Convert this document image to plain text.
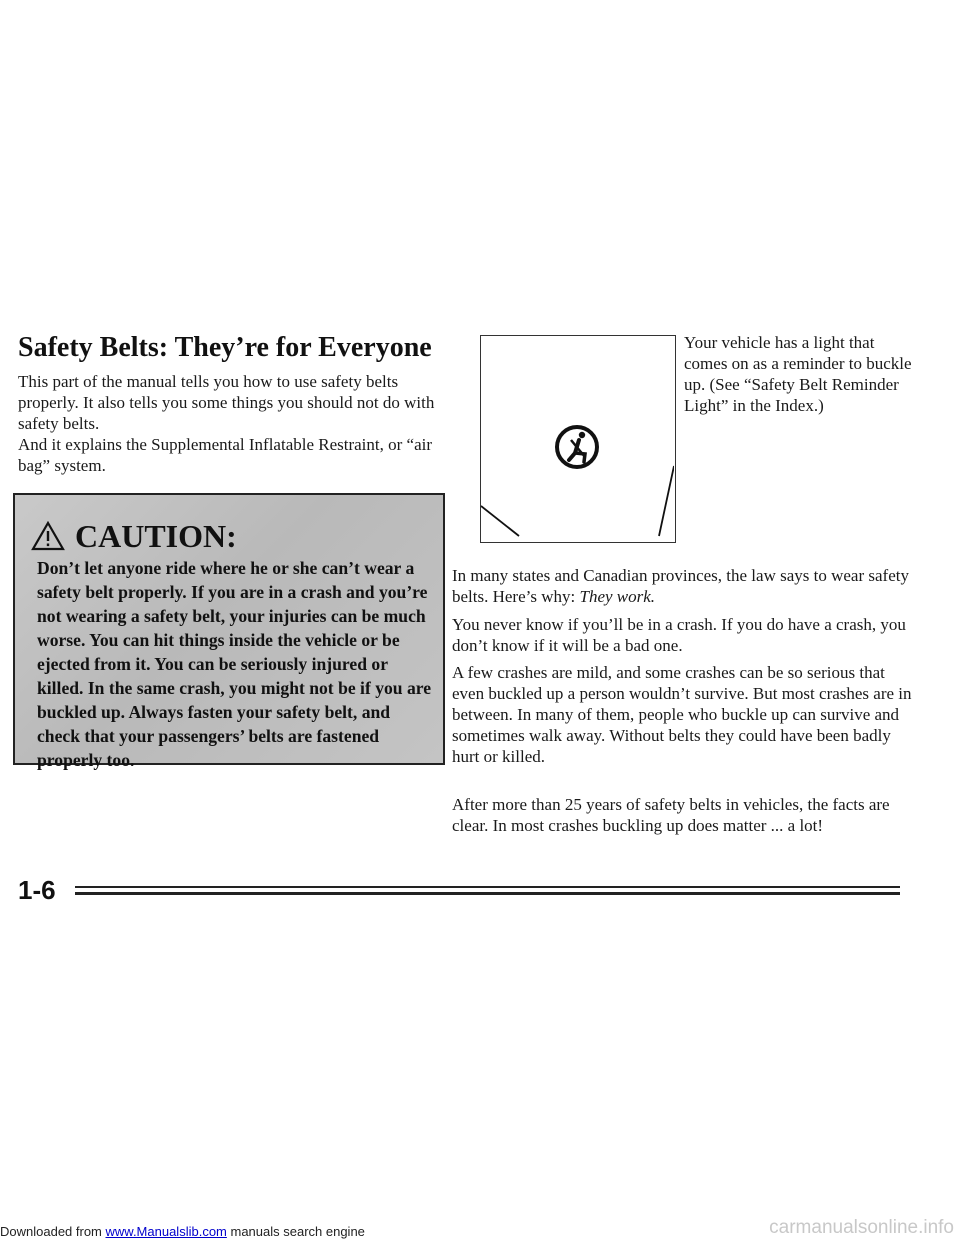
Safety Belts: They’re for Everyone
This part of the manual tells you how to use safety belts properly. It also tells you some things you should not do with safety belts.
And it explains the Supplemental Inflatable Restraint, or “air bag” system.
CAUTION:
Don’t let anyone ride where he or she can’t wear a safety belt properly. If you are in a crash and you’re not wearing a safety belt, your injuries can be much worse. You can hit things inside the vehicle or be ejected from it. You can be seriously injured or killed. In the same crash, you might not be if you are buckled up. Always fasten your safety belt, and check that your passengers’ belts are fastened properly too.
Your vehicle has a light that comes on as a reminder to buckle up. (See “Safety Belt Reminder Light” in the Index.)
In many states and Canadian provinces, the law says to wear safety belts. Here’s why: They work.
You never know if you’ll be in a crash. If you do have a crash, you don’t know if it will be a bad one.
A few crashes are mild, and some crashes can be so serious that even buckled up a person wouldn’t survive. But most crashes are in between. In many of them, people who buckle up can survive and sometimes walk away. Without belts they could have been badly hurt or killed.
After more than 25 years of safety belts in vehicles, the facts are clear. In most crashes buckling up does matter ... a lot!
1-6
Downloaded from www.Manualslib.com manuals search engine	carmanualsonline.info
